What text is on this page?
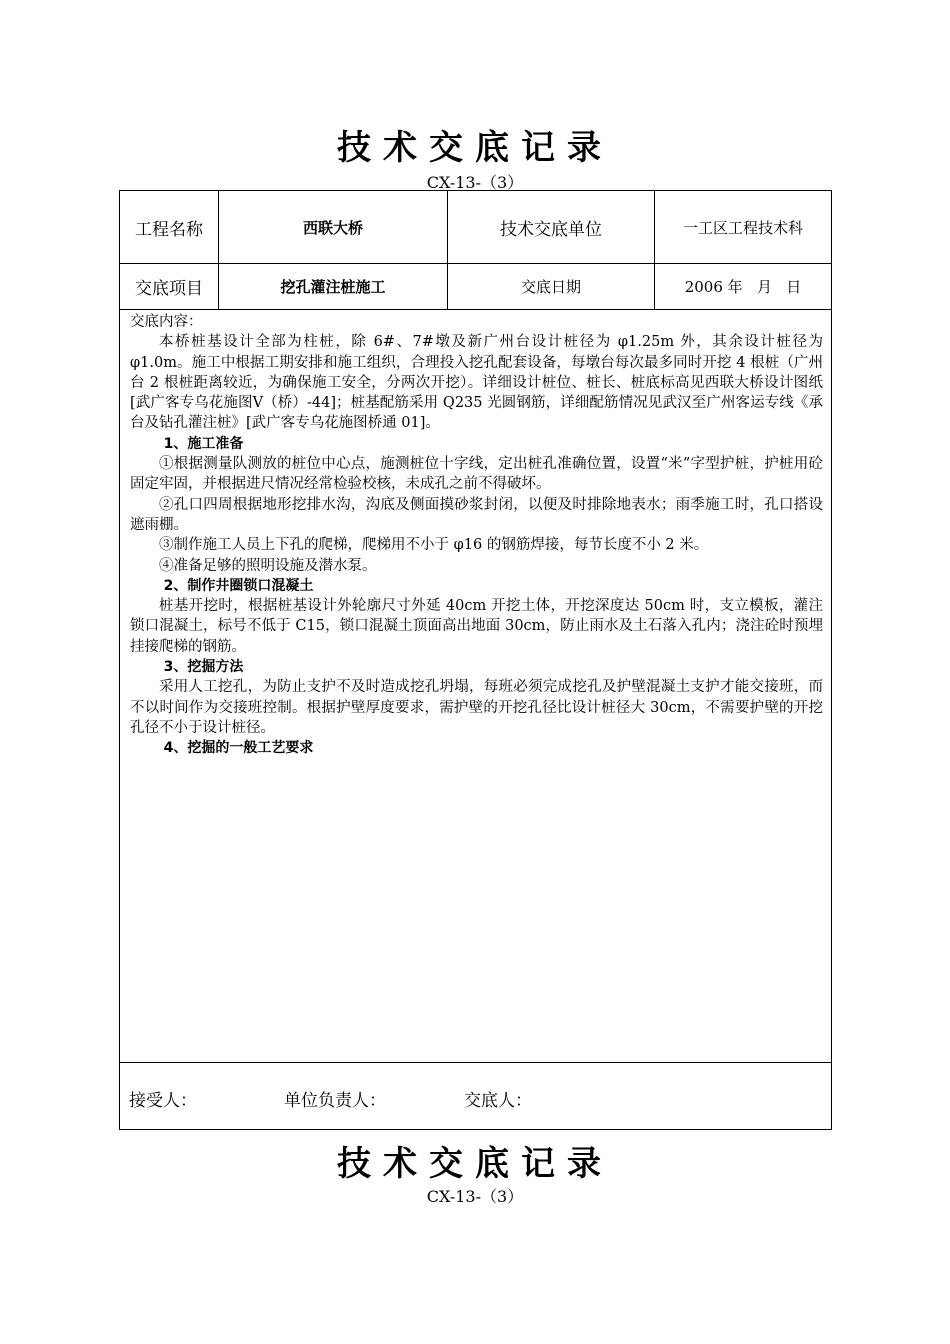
技术交底记录
CX-13-（3）
工程名称	西联大桥	技术交底单位	一工区工程技术科
交底项目	挖孔灌注桩施工	交底日期	2006 年   月   日

交底内容：

本桥桩基设计全部为柱桩，除 6#、7#墩及新广州台设计桩径为 φ1.25m 外，其余设计桩径为 φ1.0m。施工中根据工期安排和施工组织，合理投入挖孔配套设备，每墩台每次最多同时开挖 4 根桩（广州台 2 根桩距离较近，为确保施工安全，分两次开挖）。详细设计桩位、桩长、桩底标高见西联大桥设计图纸[武广客专乌花施图Ⅴ（桥）-44]；桩基配筋采用 Q235 光圆钢筋，详细配筋情况见武汉至广州客运专线《承台及钻孔灌注桩》[武广客专乌花施图桥通 01]。

1、施工准备

①根据测量队测放的桩位中心点，施测桩位十字线，定出桩孔准确位置，设置“米”字型护桩，护桩用砼固定牢固，并根据进尺情况经常检验校核，未成孔之前不得破坏。

②孔口四周根据地形挖排水沟，沟底及侧面摸砂浆封闭，以便及时排除地表水；雨季施工时，孔口搭设遮雨棚。

③制作施工人员上下孔的爬梯，爬梯用不小于 φ16 的钢筋焊接，每节长度不小 2 米。

④准备足够的照明设施及潜水泵。

2、制作井圈锁口混凝土

桩基开挖时，根据桩基设计外轮廓尺寸外延 40cm 开挖土体，开挖深度达 50cm 时，支立模板，灌注锁口混凝土，标号不低于 C15，锁口混凝土顶面高出地面 30cm，防止雨水及土石落入孔内；浇注砼时预埋挂接爬梯的钢筋。

3、挖掘方法

采用人工挖孔，为防止支护不及时造成挖孔坍塌，每班必须完成挖孔及护壁混凝土支护才能交接班，而不以时间作为交接班控制。根据护壁厚度要求，需护壁的开挖孔径比设计桩径大 30cm，不需要护壁的开挖孔径不小于设计桩径。

4、挖掘的一般工艺要求

接受人：	单位负责人：	交底人：
技术交底记录
CX-13-（3）
